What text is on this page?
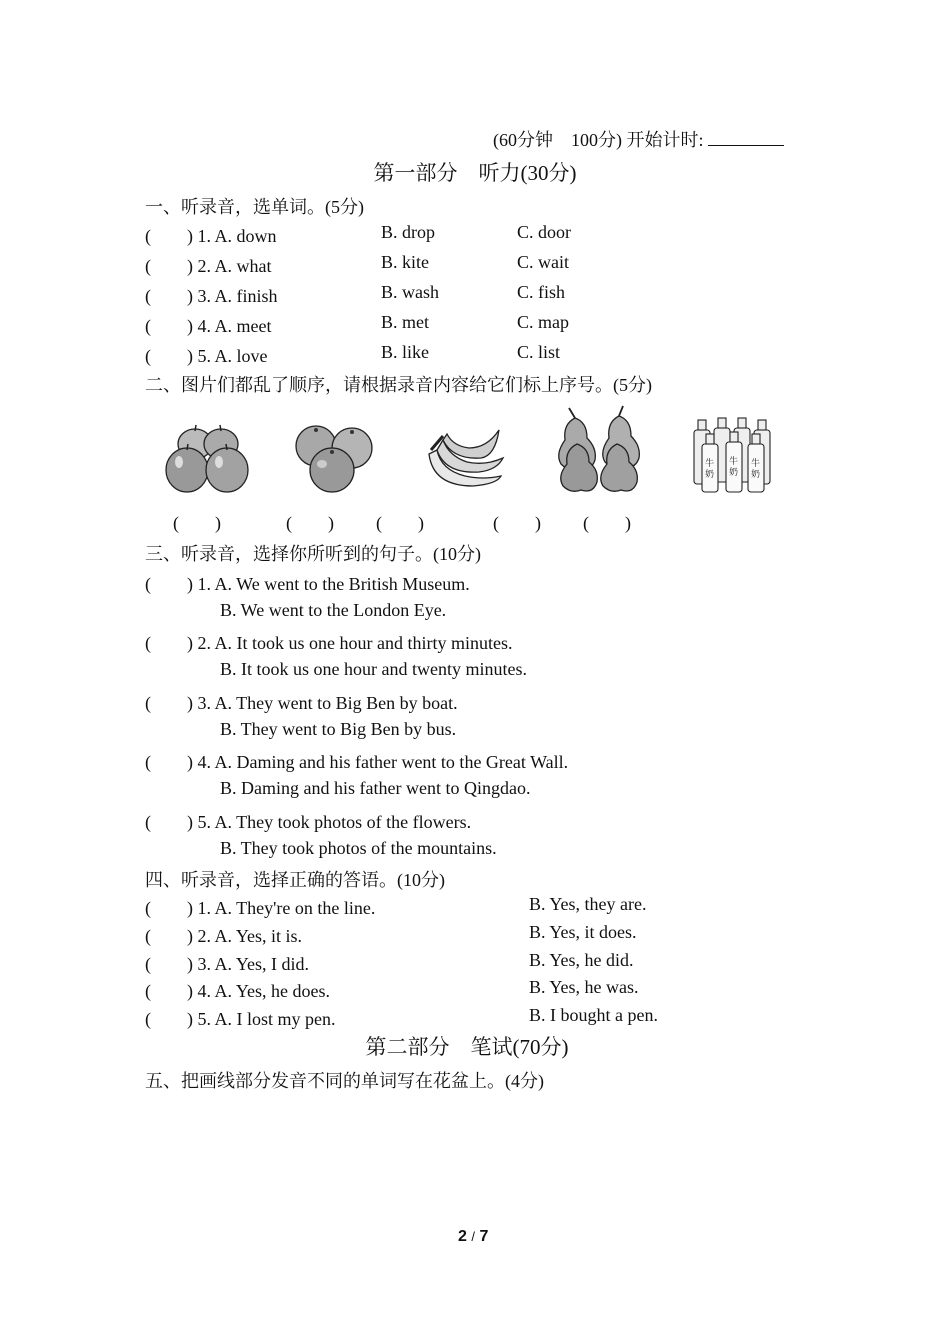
(60分钟　100分) 开始计时:
第一部分　听力(30分)
一、听录音，选单词。(5分)
(　　) 1. A. down	B. drop	C. door
(　　) 2. A. what	B. kite	C. wait
(　　) 3. A. finish	B. wash	C. fish
(　　) 4. A. meet	B. met	C. map
(　　) 5. A. love	B. like	C. list
二、图片们都乱了顺序，请根据录音内容给它们标上序号。(5分)
牛
奶
牛
奶
牛
奶
(　　)	(　　) (　　)	(　　) (　　)
三、听录音，选择你所听到的句子。(10分)
(　　) 1. A. We went to the British Museum.
B. We went to the London Eye.
(　　) 2. A. It took us one hour and thirty minutes.
B. It took us one hour and twenty minutes.
(　　) 3. A. They went to Big Ben by boat.
B. They went to Big Ben by bus.
(　　) 4. A. Daming and his father went to the Great Wall.
B. Daming and his father went to Qingdao.
(　　) 5. A. They took photos of the flowers.
B. They took photos of the mountains.
四、听录音，选择正确的答语。(10分)
(　　) 1. A. They're on the line.	B. Yes, they are.
(　　) 2. A. Yes, it is.	B. Yes, it does.
(　　) 3. A. Yes, I did.	B. Yes, he did.
(　　) 4. A. Yes, he does.	B. Yes, he was.
(　　) 5. A. I lost my pen.	B. I bought a pen.
第二部分　笔试(70分)
五、把画线部分发音不同的单词写在花盆上。(4分)
2 / 7
